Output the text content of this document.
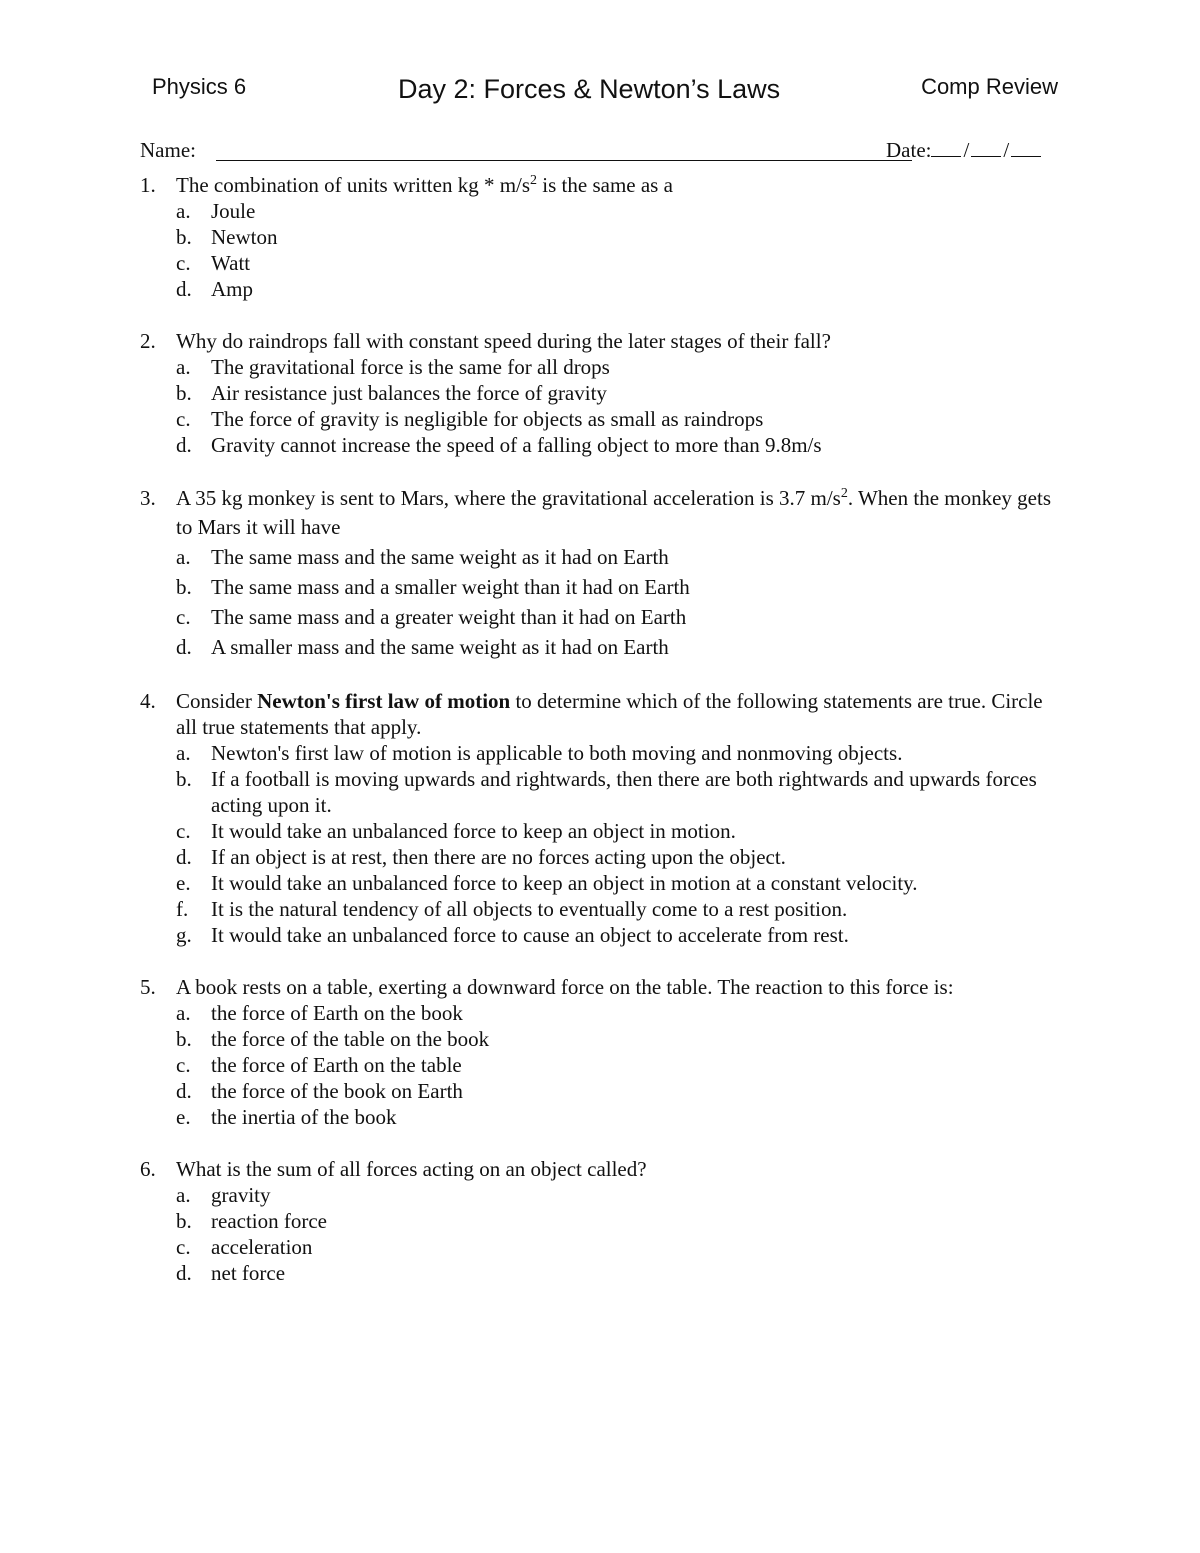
Physics 6	Day 2: Forces & Newton’s Laws	Comp Review
Name:	Date: / /
1. The combination of units written kg * $m/s^2$ is the same as a
a. Joule
b. Newton
c. Watt
d. Amp
2. Why do raindrops fall with constant speed during the later stages of their fall?
a. The gravitational force is the same for all drops
b. Air resistance just balances the force of gravity
c. The force of gravity is negligible for objects as small as raindrops
d. Gravity cannot increase the speed of a falling object to more than 9.8m/s
3. A 35 kg monkey is sent to Mars, where the gravitational acceleration is 3.7 $m/s^2$. When the monkey gets to Mars it will have
a. The same mass and the same weight as it had on Earth
b. The same mass and a smaller weight than it had on Earth
c. The same mass and a greater weight than it had on Earth
d. A smaller mass and the same weight as it had on Earth
4. Consider Newton's first law of motion to determine which of the following statements are true. Circle all true statements that apply.
a. Newton's first law of motion is applicable to both moving and nonmoving objects.
b. If a football is moving upwards and rightwards, then there are both rightwards and upwards forces acting upon it.
c. It would take an unbalanced force to keep an object in motion.
d. If an object is at rest, then there are no forces acting upon the object.
e. It would take an unbalanced force to keep an object in motion at a constant velocity.
f. It is the natural tendency of all objects to eventually come to a rest position.
g. It would take an unbalanced force to cause an object to accelerate from rest.
5. A book rests on a table, exerting a downward force on the table. The reaction to this force is:
a. the force of Earth on the book
b. the force of the table on the book
c. the force of Earth on the table
d. the force of the book on Earth
e. the inertia of the book
6. What is the sum of all forces acting on an object called?
a. gravity
b. reaction force
c. acceleration
d. net force
